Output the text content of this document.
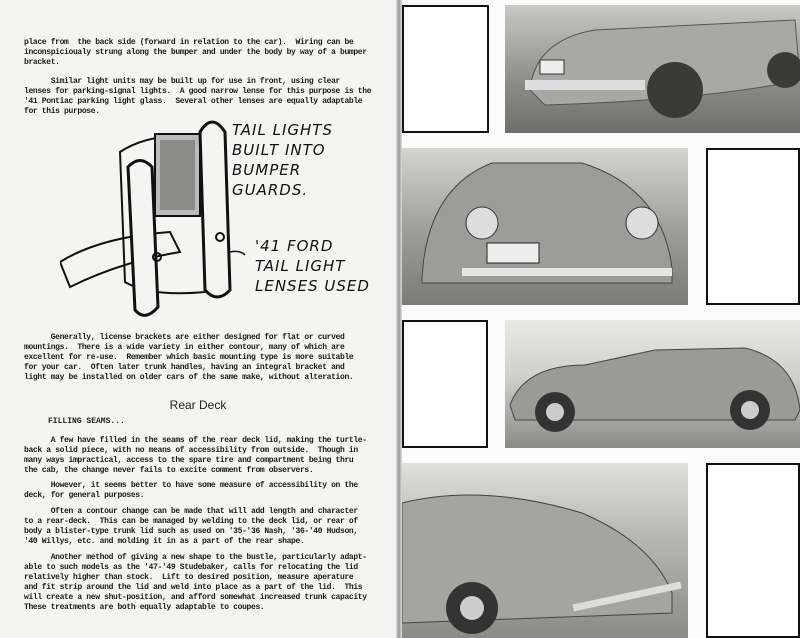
place from  the back side (forward in relation to the car).  Wiring can be
inconspicioualy strung along the bumper and under the body by way of a bumper
bracket.
Similar light units may be built up for use in front, using clear
lenses for parking-signal lights.  A good narrow lense for this purpose is the
'41 Pontiac parking light glass.  Several other lenses are equally adaptable
for this purpose.
TAIL LIGHTS
BUILT INTO
BUMPER
GUARDS.
'41 FORD
TAIL LIGHT
LENSES USED
Generally, license brackets are either designed for flat or curved
mountings.  There is a wide variety in either contour, many of which are
excellent for re-use.  Remember which basic mounting type is more suitable
for your car.  Often later trunk handles, having an integral bracket and
light may be installed on older cars of the same make, without alteration.
Rear Deck
FILLING SEAMS...
A few have filled in the seams of the rear deck lid, making the turtle-
back a solid piece, with no means of accessibility from outside.  Though in
many ways impractical, access to the spare tire and compartment being thru
the cab, the change never fails to excite comment from observers.
However, it seems better to have some measure of accessibility on the
deck, for general purposes.
Often a contour change can be made that will add length and character
to a rear-deck.  This can be managed by welding to the deck lid, or rear of
body a blister-type trunk lid such as used on '35-'36 Nash, '36-'40 Hudson,
'40 Willys, etc. and molding it in as a part of the rear shape.
Another method of giving a new shape to the bustle, particularly adapt-
able to such models as the '47-'49 Studebaker, calls for relocating the lid
relatively higher than stock.  Lift to desired position, measure aperature
and fit strip around the lid and weld into place as a part of the lid.  This
will create a new shut-position, and afford somewhat increased trunk capacity
These treatments are both equally adaptable to coupes.
